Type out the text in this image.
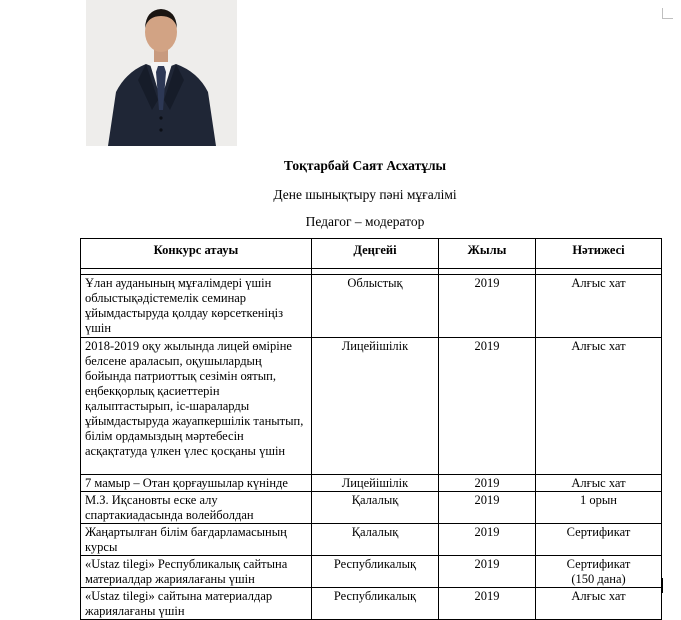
Тоқтарбай Саят Асхатұлы
Дене шынықтыру пәні мұғалімі
Педагог – модератор
Конкурс атауы	Деңгейі	Жылы	Нәтижесі

Ұлан ауданының мұғалімдері үшін облыстықәдістемелік семинар ұйымдастыруда қолдау көрсеткеніңіз үшін	Облыстық	2019	Алғыс хат
2018-2019 оқу жылында лицей өміріне белсене араласып, оқушылардың бойында патриоттық сезімін оятып, еңбекқорлық қасиеттерін қалыптастырып, іс-шараларды ұйымдастыруда жауапкершілік танытып, білім ордамыздың мәртебесін асқақтатуда үлкен үлес қосқаны үшін	Лицейішілік	2019	Алғыс хат
7 мамыр – Отан қорғаушылар күнінде	Лицейішілік	2019	Алғыс хат
М.З. Иқсановты еске алу спартакиадасында волейболдан	Қалалық	2019	1 орын
Жаңартылған білім бағдарламасының курсы	Қалалық	2019	Сертификат
«Ustaz tilegi» Республикалық сайтына материалдар жариялағаны үшін	Республикалық	2019	Сертификат
(150 дана)

«Ustaz tilegi» сайтына материалдар жариялағаны үшін	Республикалық	2019	Алғыс хат
